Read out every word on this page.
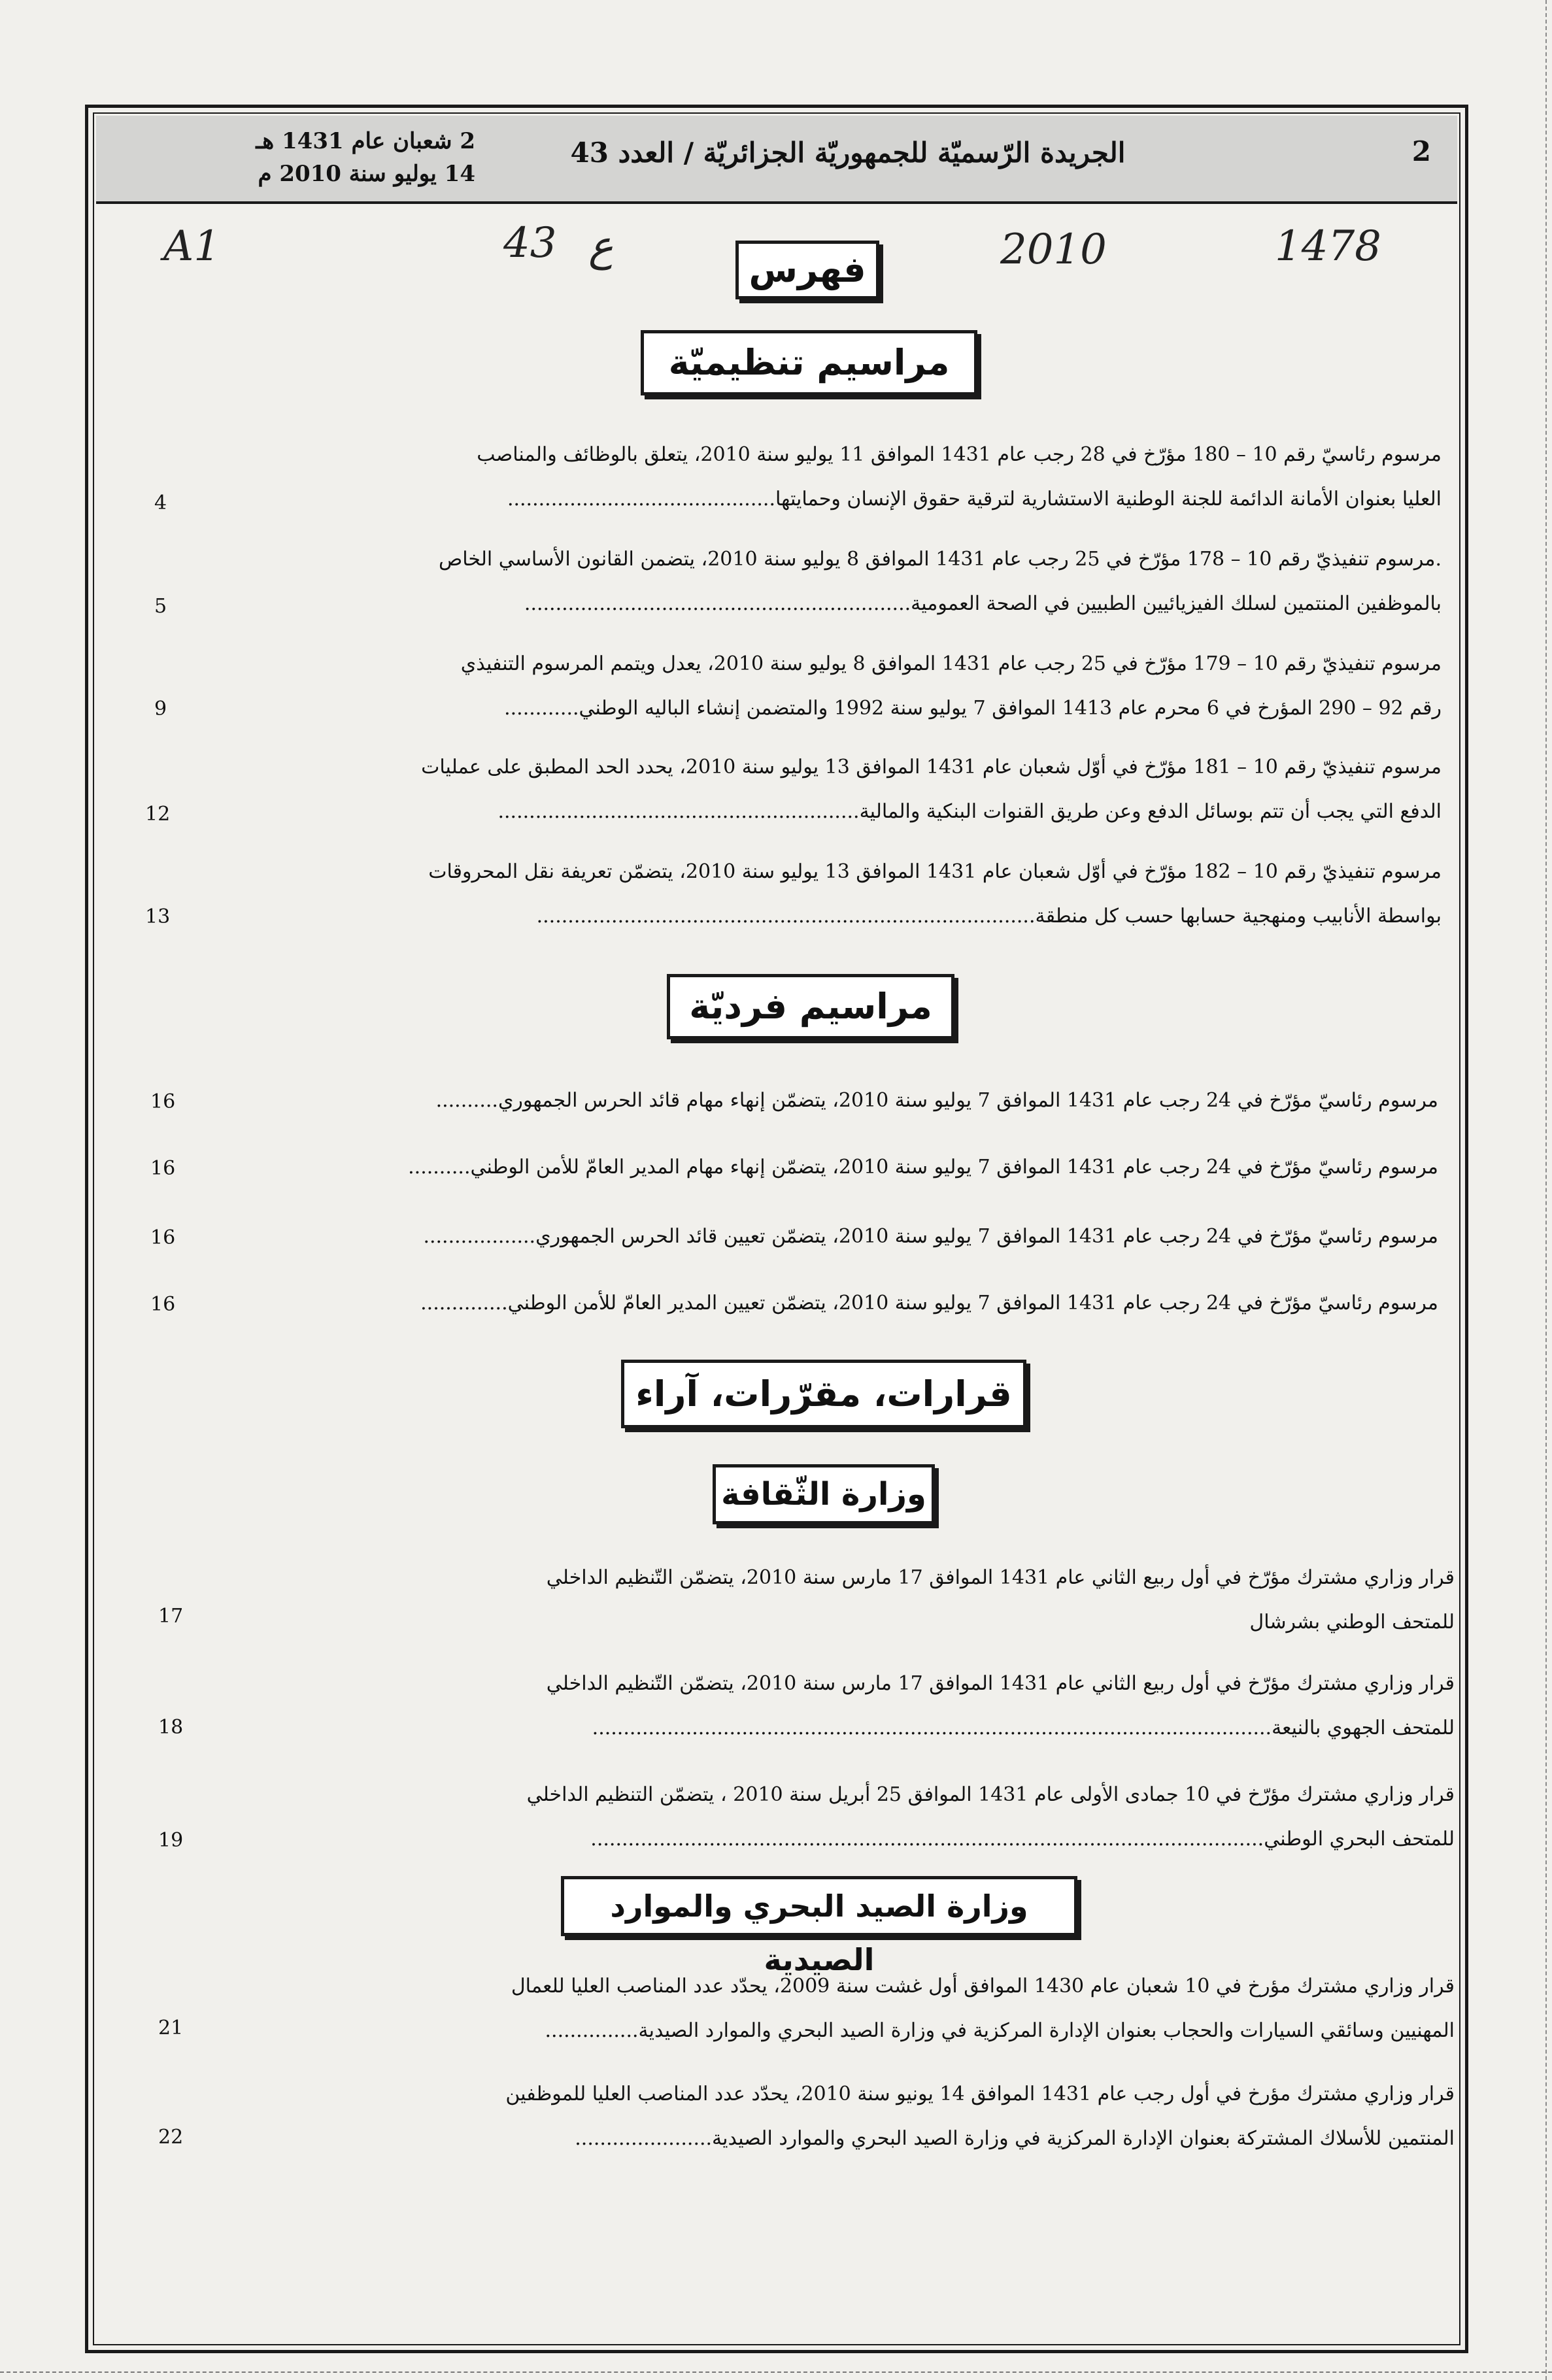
2 شعبان عام 1431 هـ
14 يوليو سنة 2010 م
الجريدة الرّسميّة للجمهوريّة الجزائريّة / العدد 43	2
A1	43 ع	2010	1478
فهرس
مراسيم تنظيميّة
مرسوم رئاسيّ رقم 10 – 180 مؤرّخ في 28 رجب عام 1431 الموافق 11 يوليو سنة 2010، يتعلق بالوظائف والمناصب
العليا بعنوان الأمانة الدائمة للجنة الوطنية الاستشارية لترقية حقوق الإنسان وحمايتها...........................................
4
.مرسوم تنفيذيّ رقم 10 – 178 مؤرّخ في 25 رجب عام 1431 الموافق 8 يوليو سنة 2010، يتضمن القانون الأساسي الخاص
بالموظفين المنتمين لسلك الفيزيائيين الطبيين في الصحة العمومية..............................................................
5
مرسوم تنفيذيّ رقم 10 – 179 مؤرّخ في 25 رجب عام 1431 الموافق 8 يوليو سنة 2010، يعدل ويتمم المرسوم التنفيذي
رقم 92 – 290 المؤرخ في 6 محرم عام 1413 الموافق 7 يوليو سنة 1992 والمتضمن إنشاء الباليه الوطني............
9
مرسوم تنفيذيّ رقم 10 – 181 مؤرّخ في أوّل شعبان عام 1431 الموافق 13 يوليو سنة 2010، يحدد الحد المطبق على عمليات
الدفع التي يجب أن تتم بوسائل الدفع وعن طريق القنوات البنكية والمالية..........................................................
12
مرسوم تنفيذيّ رقم 10 – 182 مؤرّخ في أوّل شعبان عام 1431 الموافق 13 يوليو سنة 2010، يتضمّن تعريفة نقل المحروقات
بواسطة الأنابيب ومنهجية حسابها حسب كل منطقة................................................................................
13
مراسيم فرديّة
مرسوم رئاسيّ مؤرّخ في 24 رجب عام 1431 الموافق 7 يوليو سنة 2010، يتضمّن إنهاء مهام قائد الحرس الجمهوري..........
16
مرسوم رئاسيّ مؤرّخ في 24 رجب عام 1431 الموافق 7 يوليو سنة 2010، يتضمّن إنهاء مهام المدير العامّ للأمن الوطني..........
16
مرسوم رئاسيّ مؤرّخ في 24 رجب عام 1431 الموافق 7 يوليو سنة 2010، يتضمّن تعيين قائد الحرس الجمهوري..................
16
مرسوم رئاسيّ مؤرّخ في 24 رجب عام 1431 الموافق 7 يوليو سنة 2010، يتضمّن تعيين المدير العامّ للأمن الوطني..............
16
قرارات، مقرّرات، آراء
وزارة الثّقافة
قرار وزاري مشترك مؤرّخ في أول ربيع الثاني عام 1431 الموافق 17 مارس سنة 2010، يتضمّن التّنظيم الداخلي
للمتحف الوطني بشرشال
17
قرار وزاري مشترك مؤرّخ في أول ربيع الثاني عام 1431 الموافق 17 مارس سنة 2010، يتضمّن التّنظيم الداخلي
للمتحف الجهوي بالنيعة.............................................................................................................
18
قرار وزاري مشترك مؤرّخ في 10 جمادى الأولى عام 1431 الموافق 25 أبريل سنة 2010 ، يتضمّن التنظيم الداخلي
للمتحف البحري الوطني............................................................................................................
19
وزارة الصيد البحري والموارد الصيدية
قرار وزاري مشترك مؤرخ في 10 شعبان عام 1430 الموافق أول غشت سنة 2009، يحدّد عدد المناصب العليا للعمال
المهنيين وسائقي السيارات والحجاب بعنوان الإدارة المركزية في وزارة الصيد البحري والموارد الصيدية...............
21
قرار وزاري مشترك مؤرخ في أول رجب عام 1431 الموافق 14 يونيو سنة 2010، يحدّد عدد المناصب العليا للموظفين
المنتمين للأسلاك المشتركة بعنوان الإدارة المركزية في وزارة الصيد البحري والموارد الصيدية......................
22
